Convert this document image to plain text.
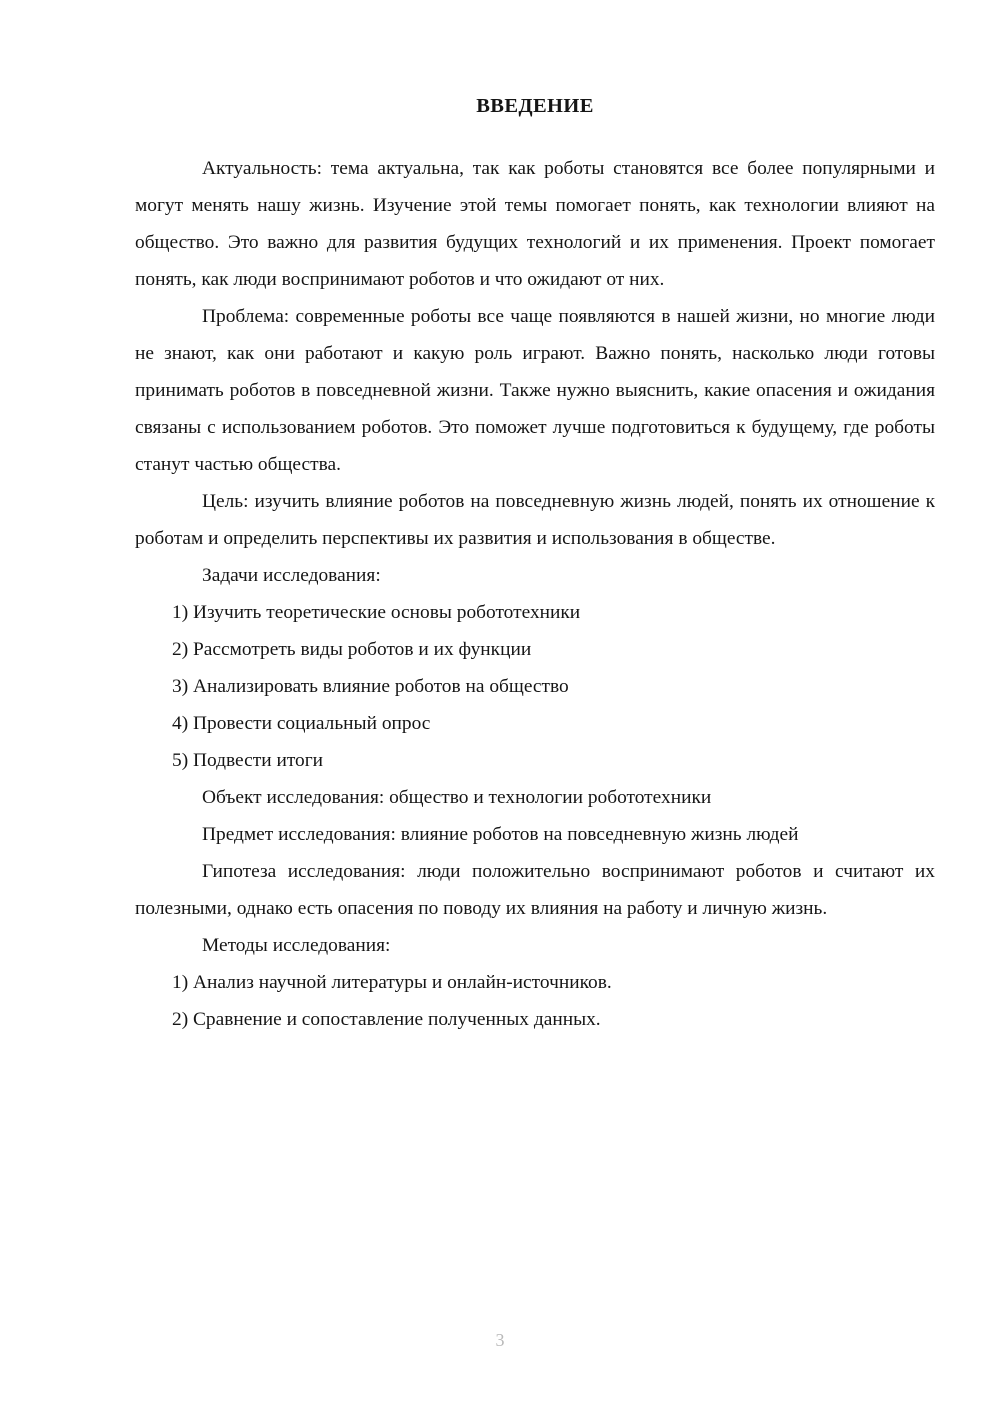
ВВЕДЕНИЕ

Актуальность: тема актуальна, так как роботы становятся все более популярными и могут менять нашу жизнь. Изучение этой темы помогает понять, как технологии влияют на общество. Это важно для развития будущих технологий и их применения. Проект помогает понять, как люди воспринимают роботов и что ожидают от них.

Проблема: современные роботы все чаще появляются в нашей жизни, но многие люди не знают, как они работают и какую роль играют. Важно понять, насколько люди готовы принимать роботов в повседневной жизни. Также нужно выяснить, какие опасения и ожидания связаны с использованием роботов. Это поможет лучше подготовиться к будущему, где роботы станут частью общества.

Цель: изучить влияние роботов на повседневную жизнь людей, понять их отношение к роботам и определить перспективы их развития и использования в обществе.

Задачи исследования:

1) Изучить теоретические основы робототехники

2) Рассмотреть виды роботов и их функции

3) Анализировать влияние роботов на общество

4) Провести социальный опрос

5) Подвести итоги

Объект исследования: общество и технологии робототехники

Предмет исследования: влияние роботов на повседневную жизнь людей

Гипотеза исследования: люди положительно воспринимают роботов и считают их полезными, однако есть опасения по поводу их влияния на работу и личную жизнь.

Методы исследования:

1) Анализ научной литературы и онлайн-источников.

2) Сравнение и сопоставление полученных данных.

3
